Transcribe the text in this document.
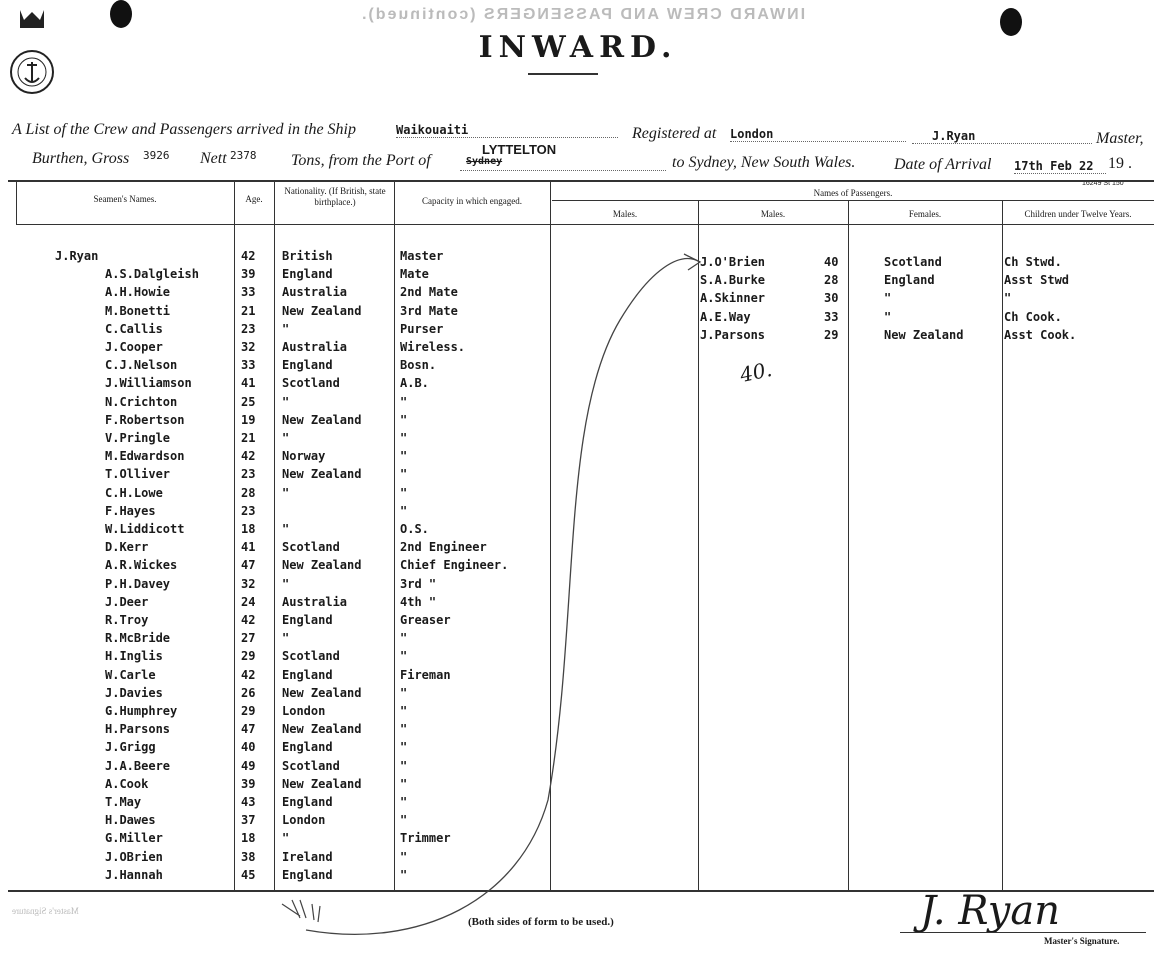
INWARD CREW AND PASSENGERS (continued).
INWARD.
A List of the Crew and Passengers arrived in the Ship	Waikouaiti	Registered at London	J.Ryan	Master,
Burthen, Gross 3926 Nett 2378 Tons, from the Port of	Sydney
LYTTELTON
to Sydney, New South Wales. Date of Arrival 17th Feb 22 19 .
16249 St 150
Seamen's Names.	Age.
Nationality. (If British, state birthplace.)	Capacity in which engaged.
Names of Passengers.
Males.	Males.	Females.	Children under Twelve Years.
J.Ryan	42 British	Master
A.S.Dalgleish	39 England	Mate
A.H.Howie	33 Australia	2nd Mate
M.Bonetti	21 New Zealand	3rd Mate
C.Callis	23 "	Purser
J.Cooper	32 Australia	Wireless.
C.J.Nelson	33 England	Bosn.
J.Williamson	41 Scotland	A.B.
N.Crichton	25 "	"
F.Robertson	19 New Zealand	"
V.Pringle	21 "	"
M.Edwardson	42 Norway	"
T.Olliver	23 New Zealand	"
C.H.Lowe	28 "	"
F.Hayes	23	"
W.Liddicott	18 "	O.S.
D.Kerr	41 Scotland	2nd Engineer
A.R.Wickes	47 New Zealand	Chief Engineer.
P.H.Davey	32 "	3rd "
J.Deer	24 Australia	4th "
R.Troy	42 England	Greaser
R.McBride	27 "	"
H.Inglis	29 Scotland	"
W.Carle	42 England	Fireman
J.Davies	26 New Zealand	"
G.Humphrey	29 London	"
H.Parsons	47 New Zealand	"
J.Grigg	40 England	"
J.A.Beere	49 Scotland	"
A.Cook	39 New Zealand	"
T.May	43 England	"
H.Dawes	37 London	"
G.Miller	18 "	Trimmer
J.OBrien	38 Ireland	"
J.Hannah	45 England	"
J.O'Brien	40	Scotland	Ch Stwd.
S.A.Burke	28	England	Asst Stwd
A.Skinner	30	"	"
A.E.Way	33	"	Ch Cook.
J.Parsons	29	New Zealand	Asst Cook.
40.
Master's Signature
(Both sides of form to be used.)	J. Ryan
Master's Signature.
